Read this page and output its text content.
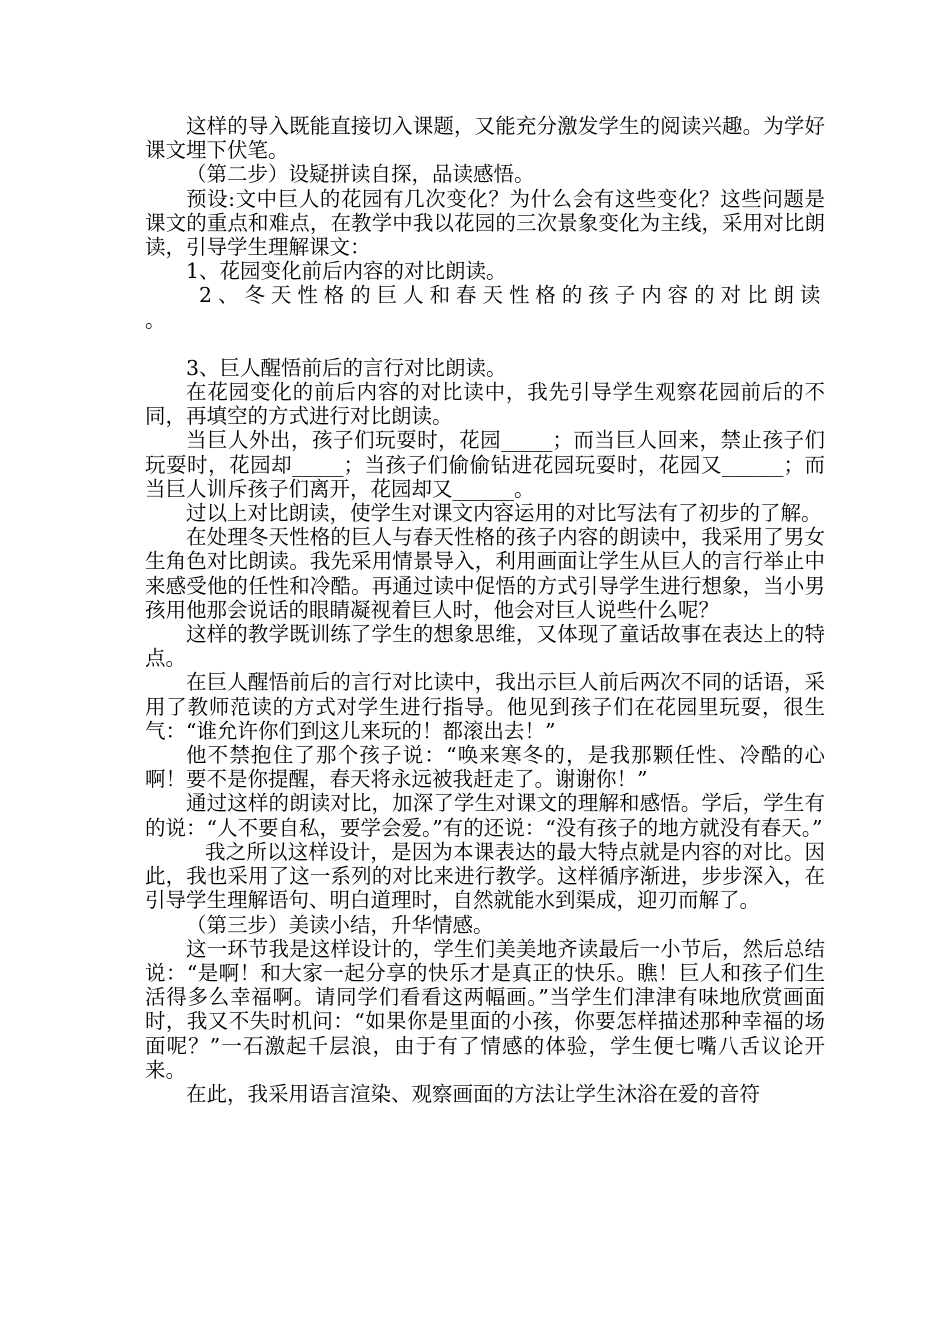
这样的导入既能直接切入课题，又能充分激发学生的阅读兴趣。为学好课文埋下伏笔。

（第二步）设疑拼读自探，品读感悟。

预设:文中巨人的花园有几次变化？为什么会有这些变化？这些问题是课文的重点和难点，在教学中我以花园的三次景象变化为主线，采用对比朗读，引导学生理解课文：

1、花园变化前后内容的对比朗读。

2、冬天性格的巨人和春天性格的孩子内容的对比朗读 。

3、巨人醒悟前后的言行对比朗读。

在花园变化的前后内容的对比读中，我先引导学生观察花园前后的不同，再填空的方式进行对比朗读。

当巨人外出，孩子们玩耍时，花园_____；而当巨人回来，禁止孩子们玩耍时，花园却_____；当孩子们偷偷钻进花园玩耍时，花园又______；而当巨人训斥孩子们离开，花园却又______。

过以上对比朗读，使学生对课文内容运用的对比写法有了初步的了解。

在处理冬天性格的巨人与春天性格的孩子内容的朗读中，我采用了男女生角色对比朗读。我先采用情景导入，利用画面让学生从巨人的言行举止中来感受他的任性和冷酷。再通过读中促悟的方式引导学生进行想象，当小男孩用他那会说话的眼睛凝视着巨人时，他会对巨人说些什么呢？

这样的教学既训练了学生的想象思维，又体现了童话故事在表达上的特点。

在巨人醒悟前后的言行对比读中，我出示巨人前后两次不同的话语，采用了教师范读的方式对学生进行指导。他见到孩子们在花园里玩耍，很生气：“谁允许你们到这儿来玩的！都滚出去！”

他不禁抱住了那个孩子说：“唤来寒冬的，是我那颗任性、冷酷的心啊！要不是你提醒，春天将永远被我赶走了。谢谢你！”

通过这样的朗读对比，加深了学生对课文的理解和感悟。学后，学生有的说：“人不要自私，要学会爱。”有的还说：“没有孩子的地方就没有春天。”

我之所以这样设计，是因为本课表达的最大特点就是内容的对比。因此，我也采用了这一系列的对比来进行教学。这样循序渐进，步步深入，在引导学生理解语句、明白道理时，自然就能水到渠成，迎刃而解了。

（第三步）美读小结，升华情感。

这一环节我是这样设计的，学生们美美地齐读最后一小节后，然后总结说：“是啊！和大家一起分享的快乐才是真正的快乐。瞧！巨人和孩子们生活得多么幸福啊。请同学们看看这两幅画。”当学生们津津有味地欣赏画面时，我又不失时机问：“如果你是里面的小孩，你要怎样描述那种幸福的场面呢？”一石激起千层浪，由于有了情感的体验，学生便七嘴八舌议论开来。

在此，我采用语言渲染、观察画面的方法让学生沐浴在爱的音符
